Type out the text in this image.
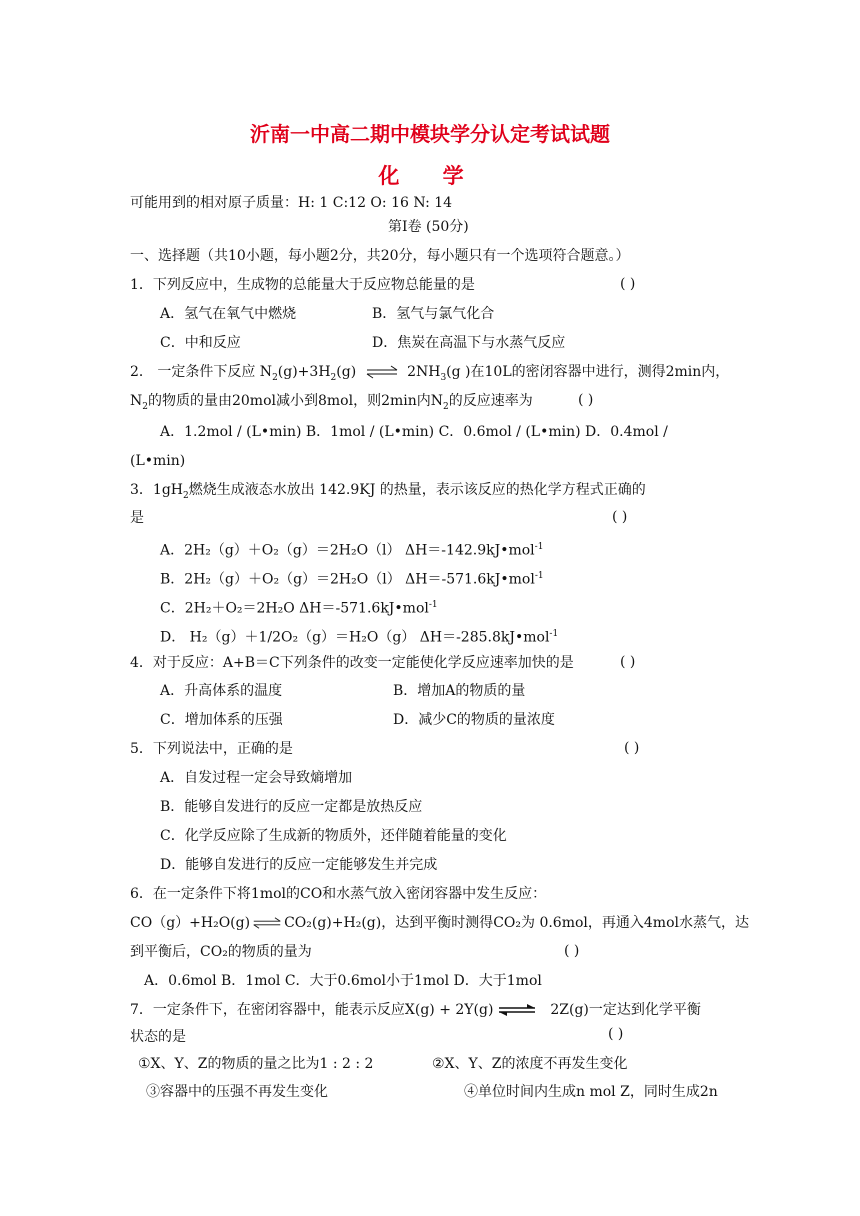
沂南一中高二期中模块学分认定考试试题
化 学
可能用到的相对原子质量：H: 1 C:12 O: 16 N: 14
第Ⅰ卷 (50分)
一、选择题（共10小题，每小题2分，共20分，每小题只有一个选项符合题意。）
1．下列反应中，生成物的总能量大于反应物总能量的是	( )
A．氢气在氧气中燃烧	B．氢气与氯气化合
C．中和反应	D．焦炭在高温下与水蒸气反应
2． 一定条件下反应 $N_2(g)+3H_2(g)$ ⇌ $2NH_3(g$ )在10L的密闭容器中进行，测得2min内，
$N_2$的物质的量由20mol减小到8mol，则2min内$N_2$的反应速率为	( )
A．1.2mol / (L•min) B．1mol / (L•min) C．0.6mol / (L•min) D．0.4mol /
(L•min)
3．$1gH_2$燃烧生成液态水放出 142.9KJ 的热量，表示该反应的热化学方程式正确的
是	( )
A．2H₂（g）＋O₂（g）＝2H₂O（l） ΔH＝-142.9kJ•mol$^{-1}$
B．2H₂（g）＋O₂（g）＝2H₂O（l） ΔH＝-571.6kJ•mol$^{-1}$
C．2H₂＋O₂＝2H₂O ΔH＝-571.6kJ•mol$^{-1}$
D． H₂（g）＋1/2O₂（g）＝H₂O（g） ΔH＝-285.8kJ•mol$^{-1}$
4．对于反应：A+B＝C下列条件的改变一定能使化学反应速率加快的是	( )
A．升高体系的温度	B．增加A的物质的量
C．增加体系的压强	D．减少C的物质的量浓度
5．下列说法中，正确的是	( )
A．自发过程一定会导致熵增加
B．能够自发进行的反应一定都是放热反应
C．化学反应除了生成新的物质外，还伴随着能量的变化
D．能够自发进行的反应一定能够发生并完成
6．在一定条件下将1mol的CO和水蒸气放入密闭容器中发生反应：
CO（g）+H₂O(g) ⇌ CO₂(g)+H₂(g)，达到平衡时测得CO₂为 0.6mol，再通入4mol水蒸气，达
到平衡后，CO₂的物质的量为	( )
A．0.6mol B．1mol C．大于0.6mol小于1mol D．大于1mol
7．一定条件下，在密闭容器中，能表示反应X(g) + 2Y(g) ⇌ 2Z(g)一定达到化学平衡
状态的是	( )
①X、Y、Z的物质的量之比为1 : 2 : 2	②X、Y、Z的浓度不再发生变化
③容器中的压强不再发生变化	④单位时间内生成n mol Z，同时生成2n
